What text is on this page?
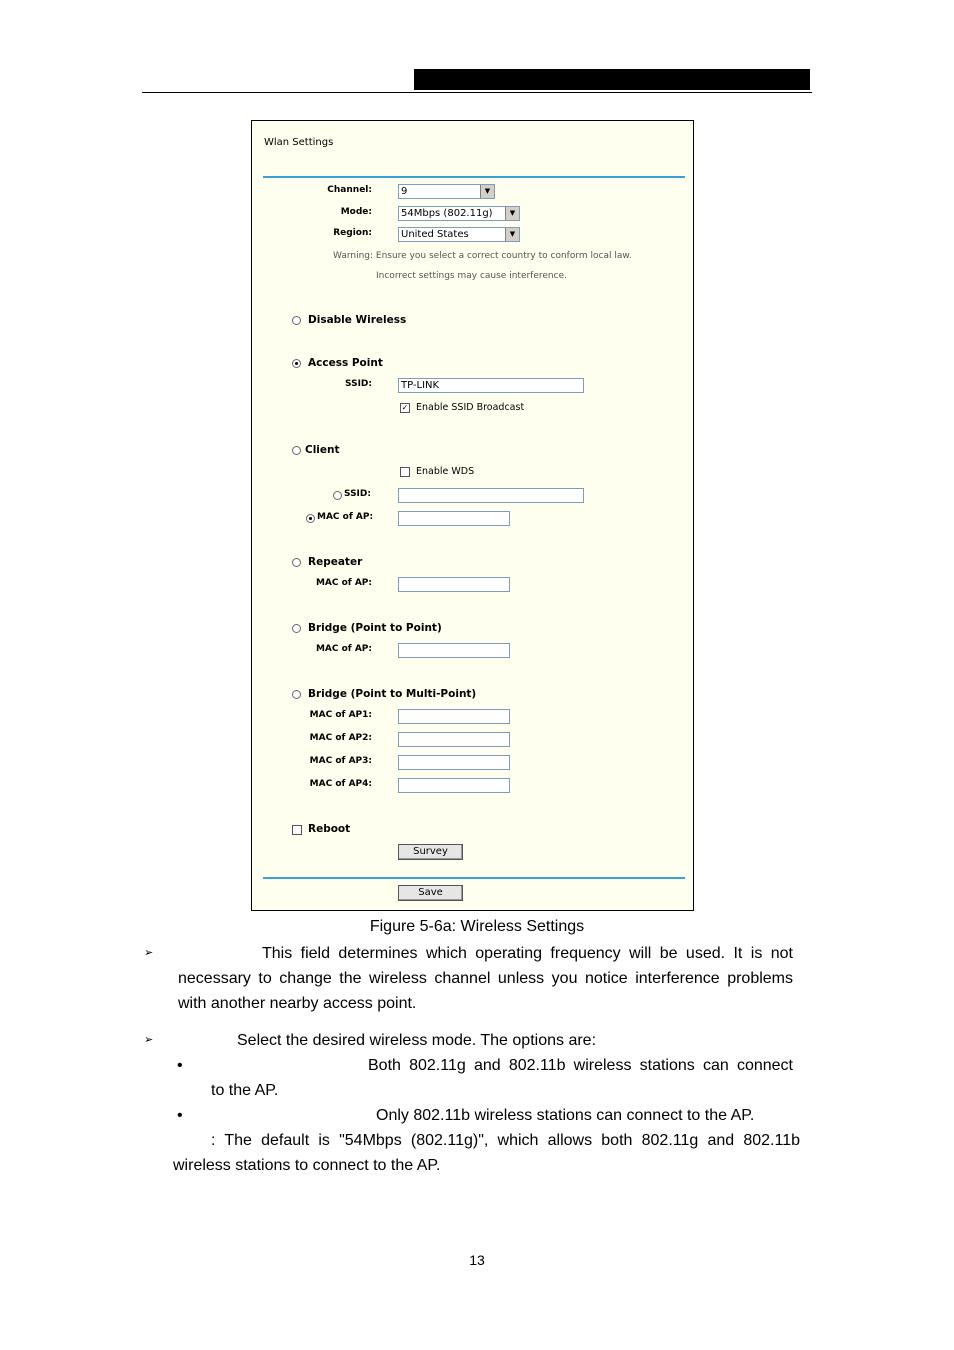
Wlan Settings
Channel:	9	▼
Mode:	54Mbps (802.11g)	▼
Region:	United States	▼
Warning: Ensure you select a correct country to conform local law.
Incorrect settings may cause interference.
Disable Wireless
Access Point
SSID:	TP-LINK
✓ Enable SSID Broadcast
Client
Enable WDS
SSID:
MAC of AP:
Repeater
MAC of AP:
Bridge (Point to Point)
MAC of AP:
Bridge (Point to Multi-Point)
MAC of AP1:
MAC of AP2:
MAC of AP3:
MAC of AP4:
Reboot
Survey
Save
Figure 5-6a: Wireless Settings
➢	This field determines which operating frequency will be used. It is not
necessary to change the wireless channel unless you notice interference problems
with another nearby access point.
➢	Select the desired wireless mode. The options are:
•	Both 802.11g and 802.11b wireless stations can connect
to the AP.
•	Only 802.11b wireless stations can connect to the AP.
: The default is "54Mbps (802.11g)", which allows both 802.11g and 802.11b
wireless stations to connect to the AP.
13
